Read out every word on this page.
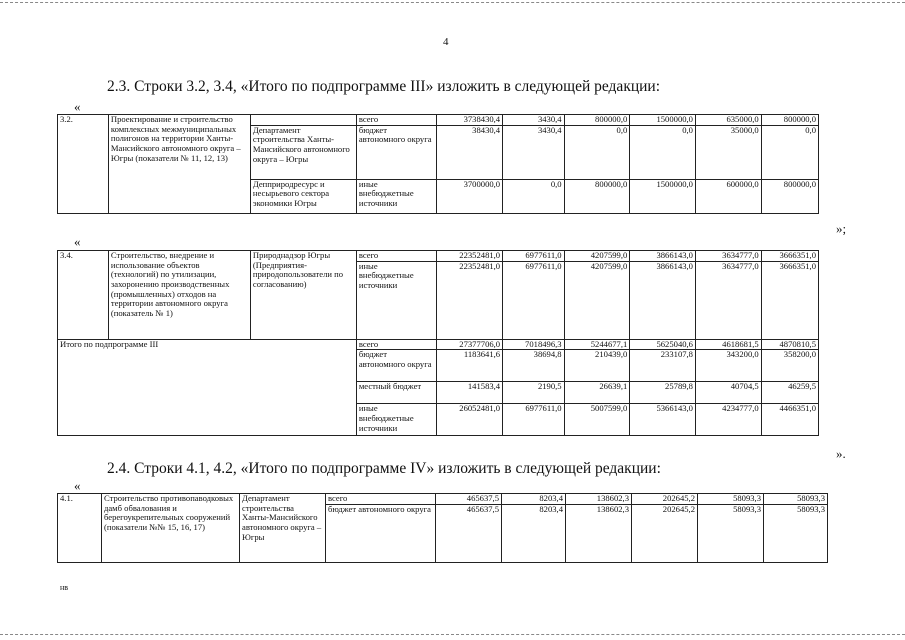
4
2.3. Строки 3.2, 3.4, «Итого по подпрограмме III» изложить в следующей редакции:
«
3.2.	Проектирование и строительство комплексных межмуниципальных полигонов на территории Ханты-Мансийского автономного округа – Югры (показатели № 11, 12, 13)		всего	3738430,4	3430,4	800000,0	1500000,0	635000,0	800000,0
		Департамент строительства Ханты-Мансийского автономного округа – Югры	бюджет автономного округа	38430,4	3430,4	0,0	0,0	35000,0	0,0
		Депприродресурс и несырьевого сектора экономики Югры	иные внебюджетные источники	3700000,0	0,0	800000,0	1500000,0	600000,0	800000,0
»;
«
3.4.	Строительство, внедрение и использование объектов (технологий) по утилизации, захоронению производственных (промышленных) отходов на территории автономного округа (показатель № 1)	Природнадзор Югры (Предприятия-природопользователи по согласованию)	всего	22352481,0	6977611,0	4207599,0	3866143,0	3634777,0	3666351,0
			иные внебюджетные источники	22352481,0	6977611,0	4207599,0	3866143,0	3634777,0	3666351,0
Итого по подпрограмме III			всего	27377706,0	7018496,3	5244677,1	5625040,6	4618681,5	4870810,5
			бюджет автономного округа	1183641,6	38694,8	210439,0	233107,8	343200,0	358200,0
			местный бюджет	141583,4	2190,5	26639,1	25789,8	40704,5	46259,5
			иные внебюджетные источники	26052481,0	6977611,0	5007599,0	5366143,0	4234777,0	4466351,0
».
2.4. Строки 4.1, 4.2, «Итого по подпрограмме IV» изложить в следующей редакции:
«
4.1.	Строительство противопаводковых дамб обвалования и берегоукрепительных сооружений (показатели №№ 15, 16, 17)	Департамент строительства Ханты-Мансийского автономного округа – Югры	всего	465637,5	8203,4	138602,3	202645,2	58093,3	58093,3
			бюджет автономного округа	465637,5	8203,4	138602,3	202645,2	58093,3	58093,3
нв
